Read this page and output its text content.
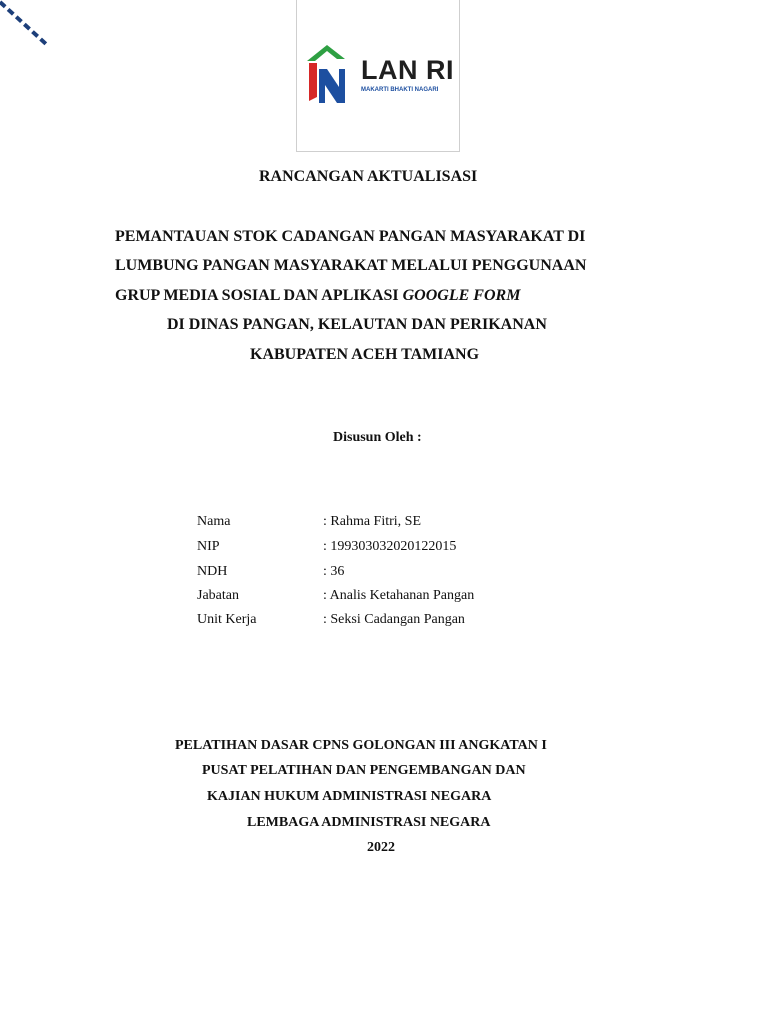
LAN RI
MAKARTI BHAKTI NAGARI
RANCANGAN AKTUALISASI
PEMANTAUAN STOK CADANGAN PANGAN MASYARAKAT DI
LUMBUNG PANGAN MASYARAKAT MELALUI PENGGUNAAN
GRUP MEDIA SOSIAL DAN APLIKASI GOOGLE FORM
DI DINAS PANGAN, KELAUTAN DAN PERIKANAN
KABUPATEN ACEH TAMIANG
Disusun Oleh :
Nama	: Rahma Fitri, SE
NIP	: 199303032020122015
NDH	: 36
Jabatan	: Analis Ketahanan Pangan
Unit Kerja	: Seksi Cadangan Pangan
PELATIHAN DASAR CPNS GOLONGAN III ANGKATAN I
PUSAT PELATIHAN DAN PENGEMBANGAN DAN
KAJIAN HUKUM ADMINISTRASI NEGARA
LEMBAGA ADMINISTRASI NEGARA
2022
